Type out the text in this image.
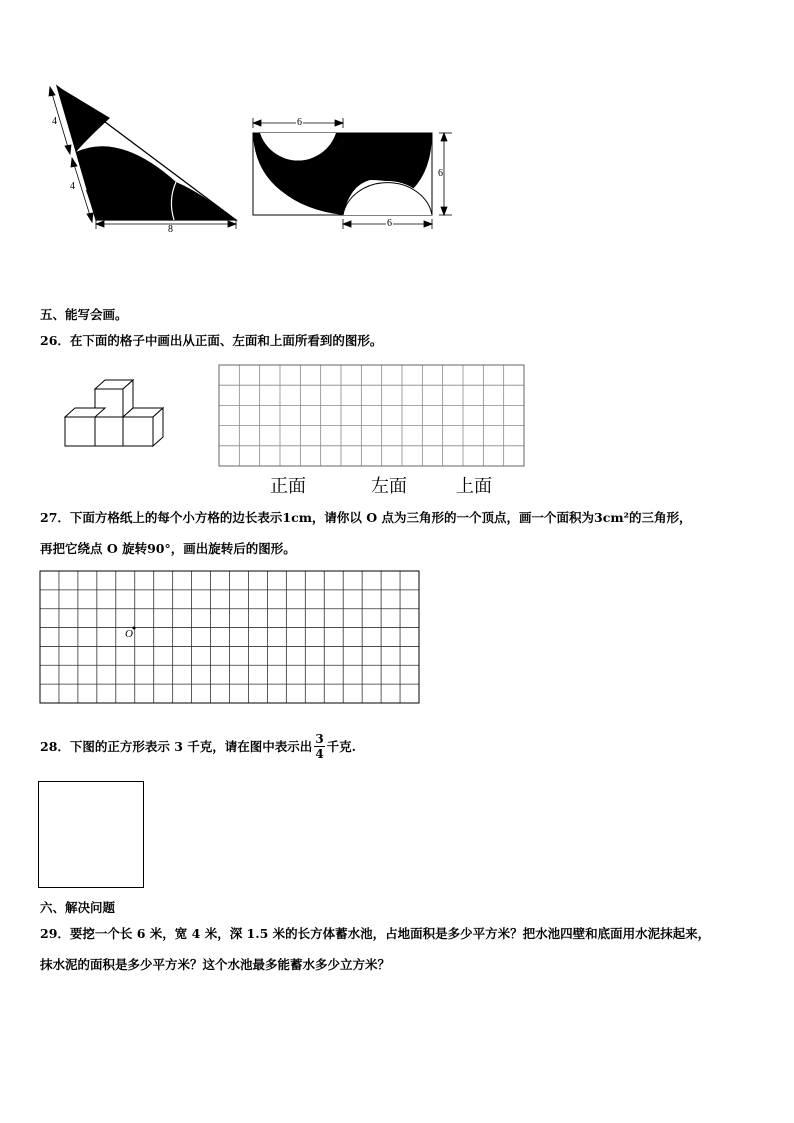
4
4
8
6
6
6
五、能写会画。
26．在下面的格子中画出从正面、左面和上面所看到的图形。
正面	左面	上面
27．下面方格纸上的每个小方格的边长表示1cm，请你以 O 点为三角形的一个顶点，画一个面积为3cm²的三角形，
再把它绕点 O 旋转90°，画出旋转后的图形。
O
28．下图的正方形表示 3 千克，请在图中表示出 $\frac{3}{4}$ 千克.
六、解决问题
29．要挖一个长 6 米，宽 4 米，深 1.5 米的长方体蓄水池，占地面积是多少平方米？把水池四壁和底面用水泥抹起来，
抹水泥的面积是多少平方米？这个水池最多能蓄水多少立方米？
